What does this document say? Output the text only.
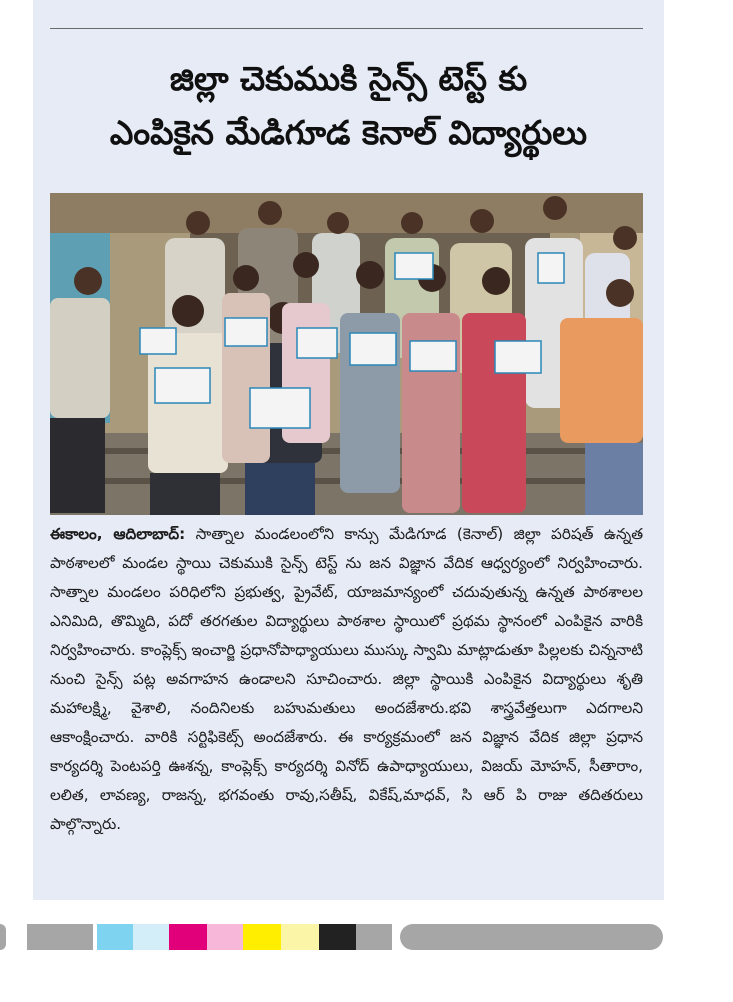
జిల్లా చెకుముకి సైన్స్ టెస్ట్ కు
ఎంపికైన మేడిగూడ కెనాల్ విద్యార్థులు
ఈకాలం, ఆదిలాబాద్: సాత్నాల మండలంలోని కాన్సు మేడిగూడ (కెనాల్) జిల్లా పరిషత్ ఉన్నత పాఠశాలలో మండల స్థాయి చెకుముకి సైన్స్ టెస్ట్ ను జన విజ్ఞాన వేదిక ఆధ్వర్యంలో నిర్వహించారు. సాత్నాల మండలం పరిధిలోని ప్రభుత్వ, ప్రైవేట్, యాజమాన్యంలో చదువుతున్న ఉన్నత పాఠశాలల ఎనిమిది, తొమ్మిది, పదో తరగతుల విద్యార్థులు పాఠశాల స్థాయిలో ప్రథమ స్థానంలో ఎంపికైన వారికి నిర్వహించారు. కాంప్లెక్స్ ఇంచార్జి ప్రధానోపాధ్యాయులు ముస్కు స్వామి మాట్లాడుతూ పిల్లలకు చిన్ననాటి నుంచి సైన్స్ పట్ల అవగాహన ఉండాలని సూచించారు. జిల్లా స్థాయికి ఎంపికైన విద్యార్థులు శృతి మహాలక్ష్మి, వైశాలి, నందినిలకు బహుమతులు అందజేశారు.భవి శాస్త్రవేత్తలుగా ఎదగాలని ఆకాంక్షించారు. వారికి సర్టిఫికెట్స్ అందజేశారు. ఈ కార్యక్రమంలో జన విజ్ఞాన వేదిక జిల్లా ప్రధాన కార్యదర్శి పెంటపర్తి ఊశన్న, కాంప్లెక్స్ కార్యదర్శి వినోద్ ఉపాధ్యాయులు, విజయ్ మోహన్, సీతారాం, లలిత, లావణ్య, రాజన్న, భగవంతు రావు,సతీష్, వికేష్,మాధవ్, సి ఆర్ పి రాజు తదితరులు పాల్గొన్నారు.
